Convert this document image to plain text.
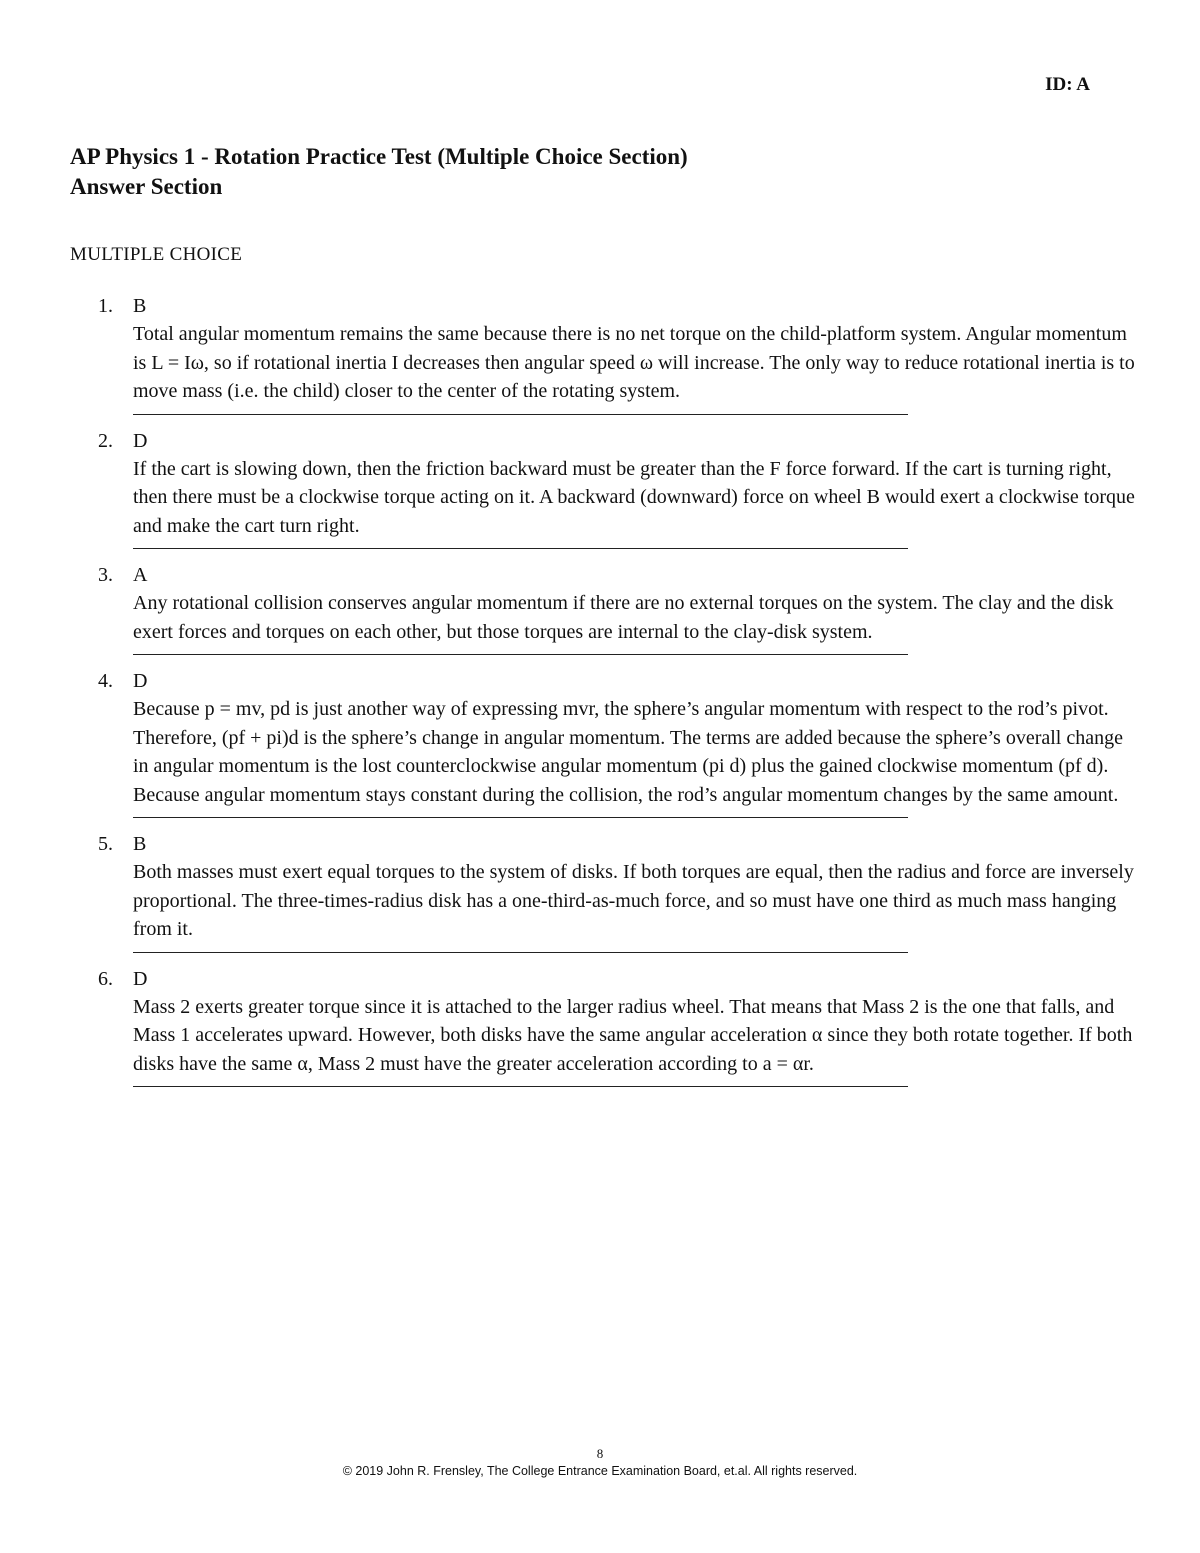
ID: A
AP Physics 1 - Rotation Practice Test (Multiple Choice Section)
Answer Section
MULTIPLE CHOICE
1. B
Total angular momentum remains the same because there is no net torque on the child-platform system. Angular momentum is L = Iω, so if rotational inertia I decreases then angular speed ω will increase. The only way to reduce rotational inertia is to move mass (i.e. the child) closer to the center of the rotating system.
2. D
If the cart is slowing down, then the friction backward must be greater than the F force forward. If the cart is turning right, then there must be a clockwise torque acting on it. A backward (downward) force on wheel B would exert a clockwise torque and make the cart turn right.
3. A
Any rotational collision conserves angular momentum if there are no external torques on the system. The clay and the disk exert forces and torques on each other, but those torques are internal to the clay-disk system.
4. D
Because p = mv, pd is just another way of expressing mvr, the sphere’s angular momentum with respect to the rod’s pivot. Therefore, (pf + pi)d is the sphere’s change in angular momentum. The terms are added because the sphere’s overall change in angular momentum is the lost counterclockwise angular momentum (pi d) plus the gained clockwise momentum (pf d). Because angular momentum stays constant during the collision, the rod’s angular momentum changes by the same amount.
5. B
Both masses must exert equal torques to the system of disks. If both torques are equal, then the radius and force are inversely proportional. The three-times-radius disk has a one-third-as-much force, and so must have one third as much mass hanging from it.
6. D
Mass 2 exerts greater torque since it is attached to the larger radius wheel. That means that Mass 2 is the one that falls, and Mass 1 accelerates upward. However, both disks have the same angular acceleration α since they both rotate together. If both disks have the same α, Mass 2 must have the greater acceleration according to a = αr.
8
© 2019 John R. Frensley, The College Entrance Examination Board, et.al. All rights reserved.
